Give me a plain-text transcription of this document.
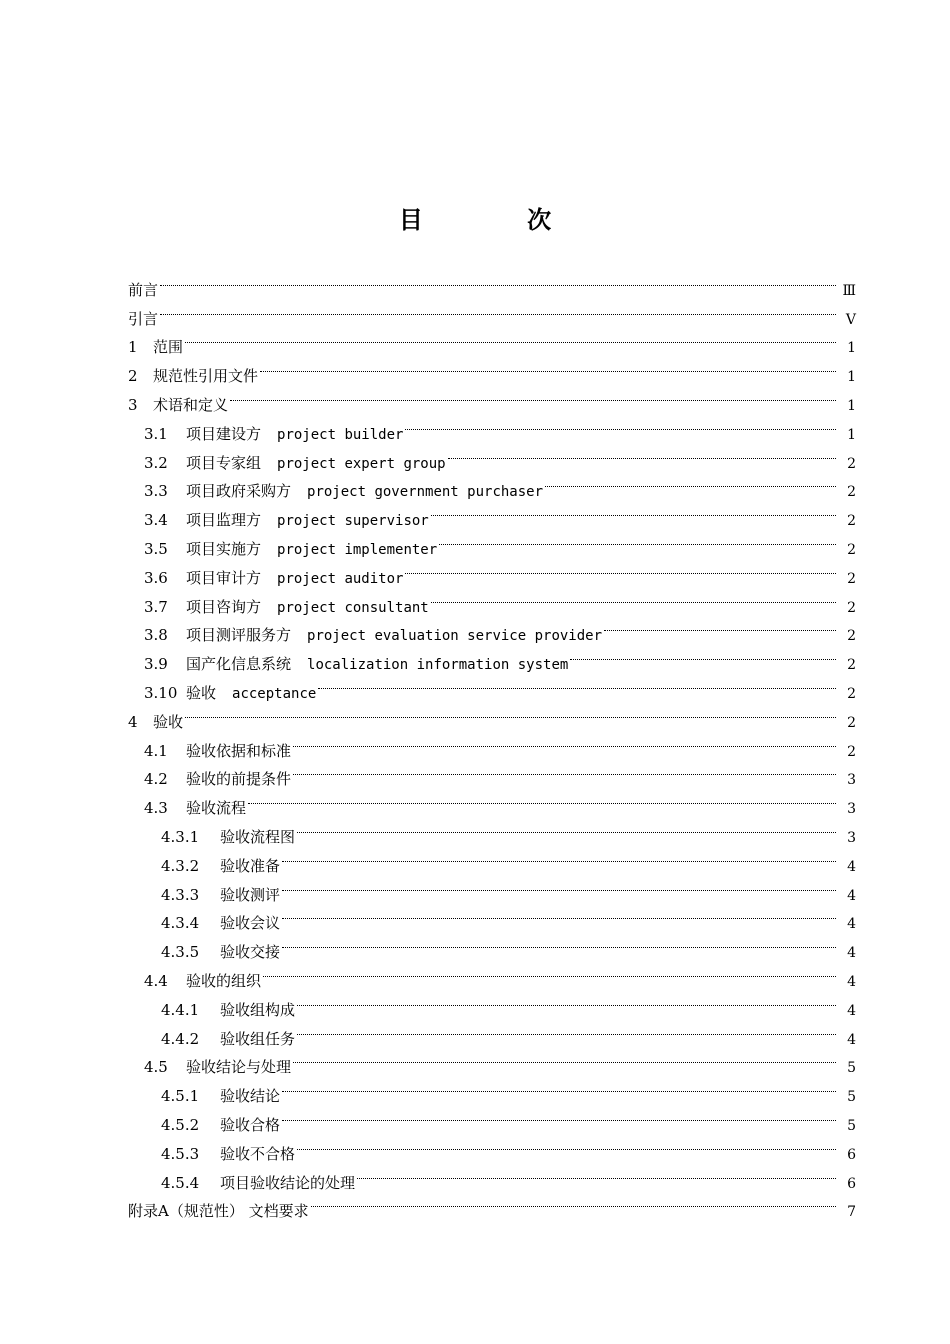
目 次
前言	Ⅲ
引言	Ⅴ
1	范围	1
2	规范性引用文件	1
3	术语和定义	1
3.1	项目建设方 project builder	1
3.2	项目专家组 project expert group	2
3.3	项目政府采购方 project government purchaser	2
3.4	项目监理方 project supervisor	2
3.5	项目实施方 project implementer	2
3.6	项目审计方 project auditor	2
3.7	项目咨询方 project consultant	2
3.8	项目测评服务方 project evaluation service provider	2
3.9	国产化信息系统 localization information system	2
3.10 验收 acceptance	2
4	验收	2
4.1	验收依据和标准	2
4.2	验收的前提条件	3
4.3	验收流程	3
4.3.1	验收流程图	3
4.3.2	验收准备	4
4.3.3	验收测评	4
4.3.4	验收会议	4
4.3.5	验收交接	4
4.4	验收的组织	4
4.4.1	验收组构成	4
4.4.2	验收组任务	4
4.5	验收结论与处理	5
4.5.1	验收结论	5
4.5.2	验收合格	5
4.5.3	验收不合格	6
4.5.4	项目验收结论的处理	6
附录A（规范性） 文档要求	7
